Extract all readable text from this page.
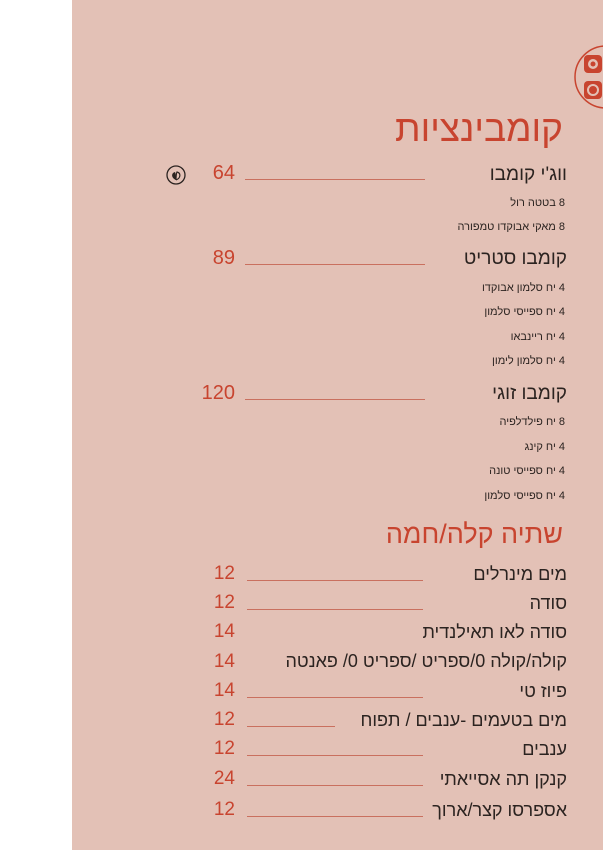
קומבינציות
ווג'י קומבו
64
8 בטטה רול
8 מאקי אבוקדו טמפורה
קומבו סטריט
89
4 יח סלמון אבוקדו
4 יח ספייסי סלמון
4 יח ריינבאו
4 יח סלמון לימון
קומבו זוגי
120
8 יח פילדלפיה
4 יח קינג
4 יח ספייסי טונה
4 יח ספייסי סלמון
שתיה קלה/חמה
מים מינרלים
12
סודה
12
סודה לאו תאילנדית
14
קולה/קולה 0/ספריט /ספריט 0/ פאנטה
14
פיוז טי
14
מים בטעמים -ענבים / תפוח
12
ענבים
12
קנקן תה אסייאתי
24
אספרסו קצר/ארוך
12
